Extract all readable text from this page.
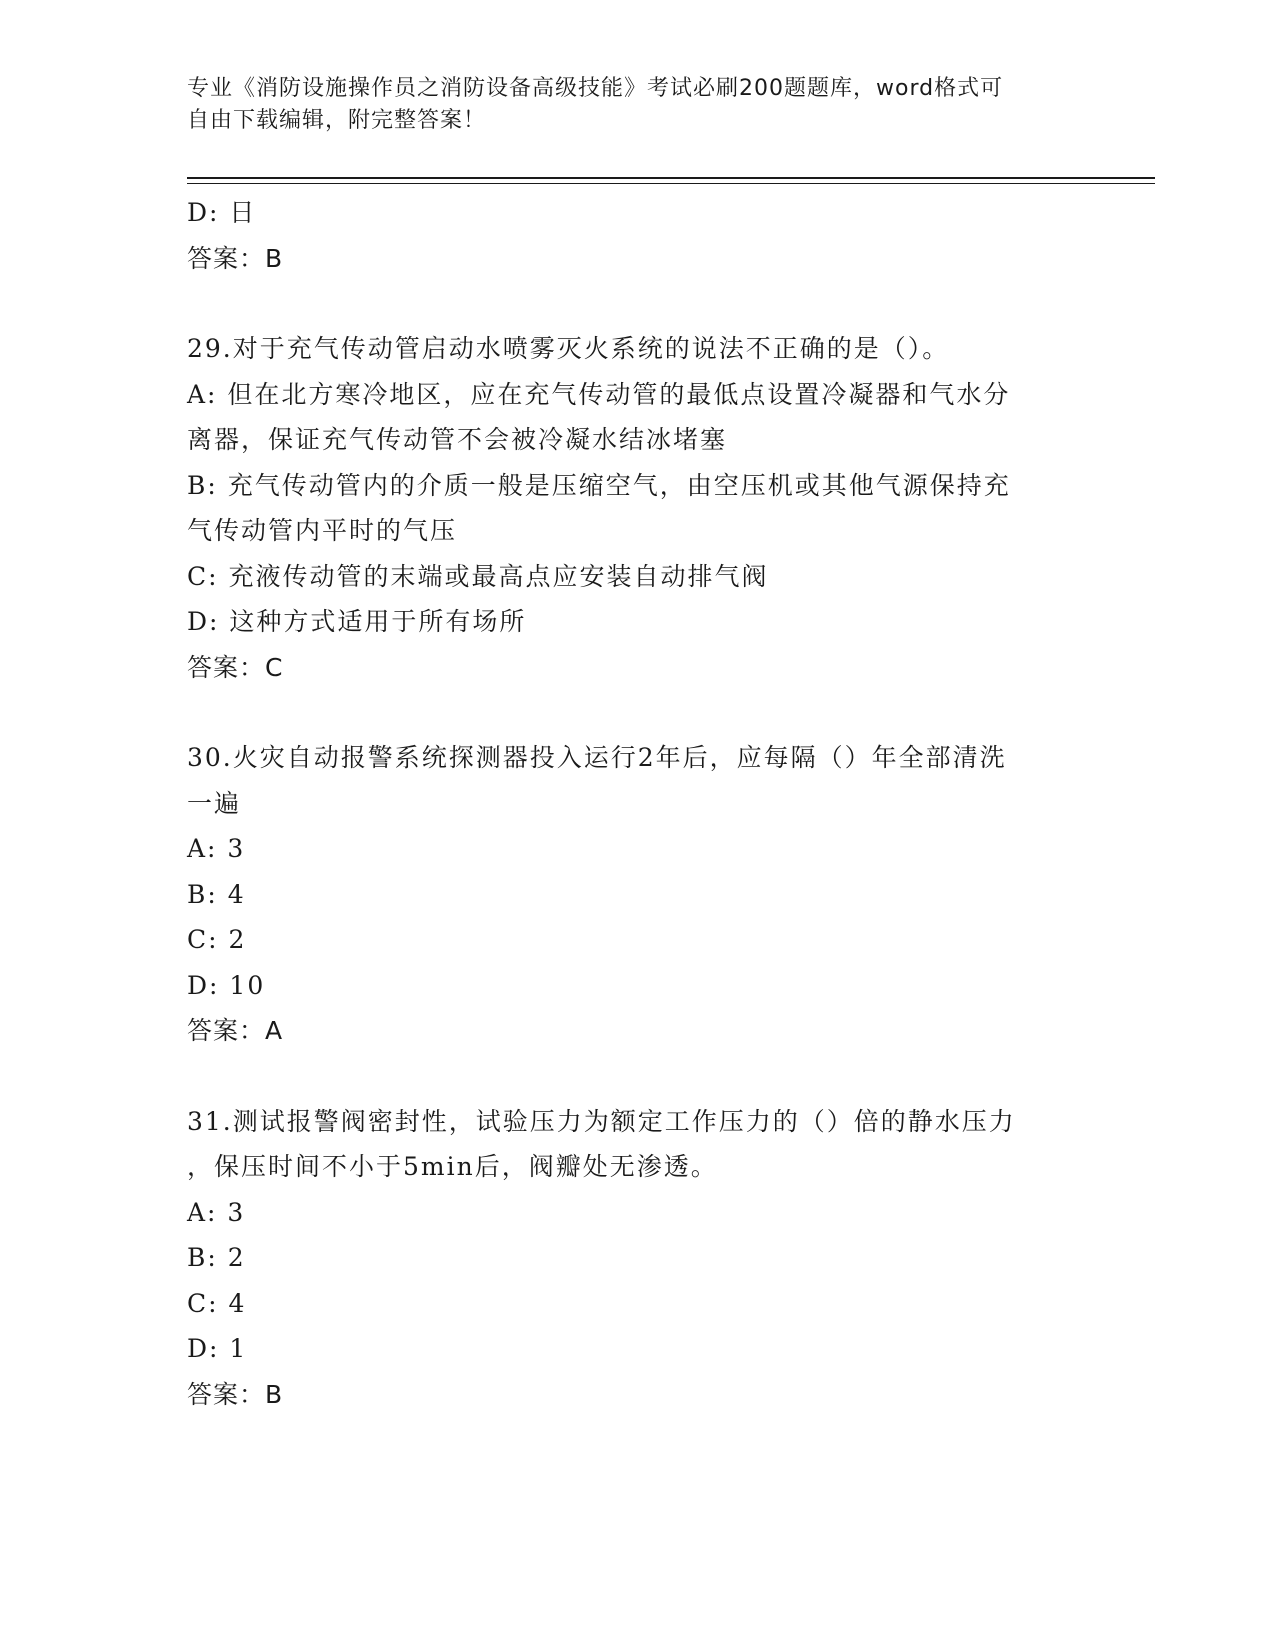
专业《消防设施操作员之消防设备高级技能》考试必刷200题题库，word格式可
自由下载编辑，附完整答案！
D: 日
答案：B
29.对于充气传动管启动水喷雾灭火系统的说法不正确的是（）。
A: 但在北方寒冷地区，应在充气传动管的最低点设置冷凝器和气水分
离器，保证充气传动管不会被冷凝水结冰堵塞
B: 充气传动管内的介质一般是压缩空气，由空压机或其他气源保持充
气传动管内平时的气压
C: 充液传动管的末端或最高点应安装自动排气阀
D: 这种方式适用于所有场所
答案：C
30.火灾自动报警系统探测器投入运行2年后，应每隔（）年全部清洗
一遍
A: 3
B: 4
C: 2
D: 10
答案：A
31.测试报警阀密封性，试验压力为额定工作压力的（）倍的静水压力
，保压时间不小于5min后，阀瓣处无渗透。
A: 3
B: 2
C: 4
D: 1
答案：B
